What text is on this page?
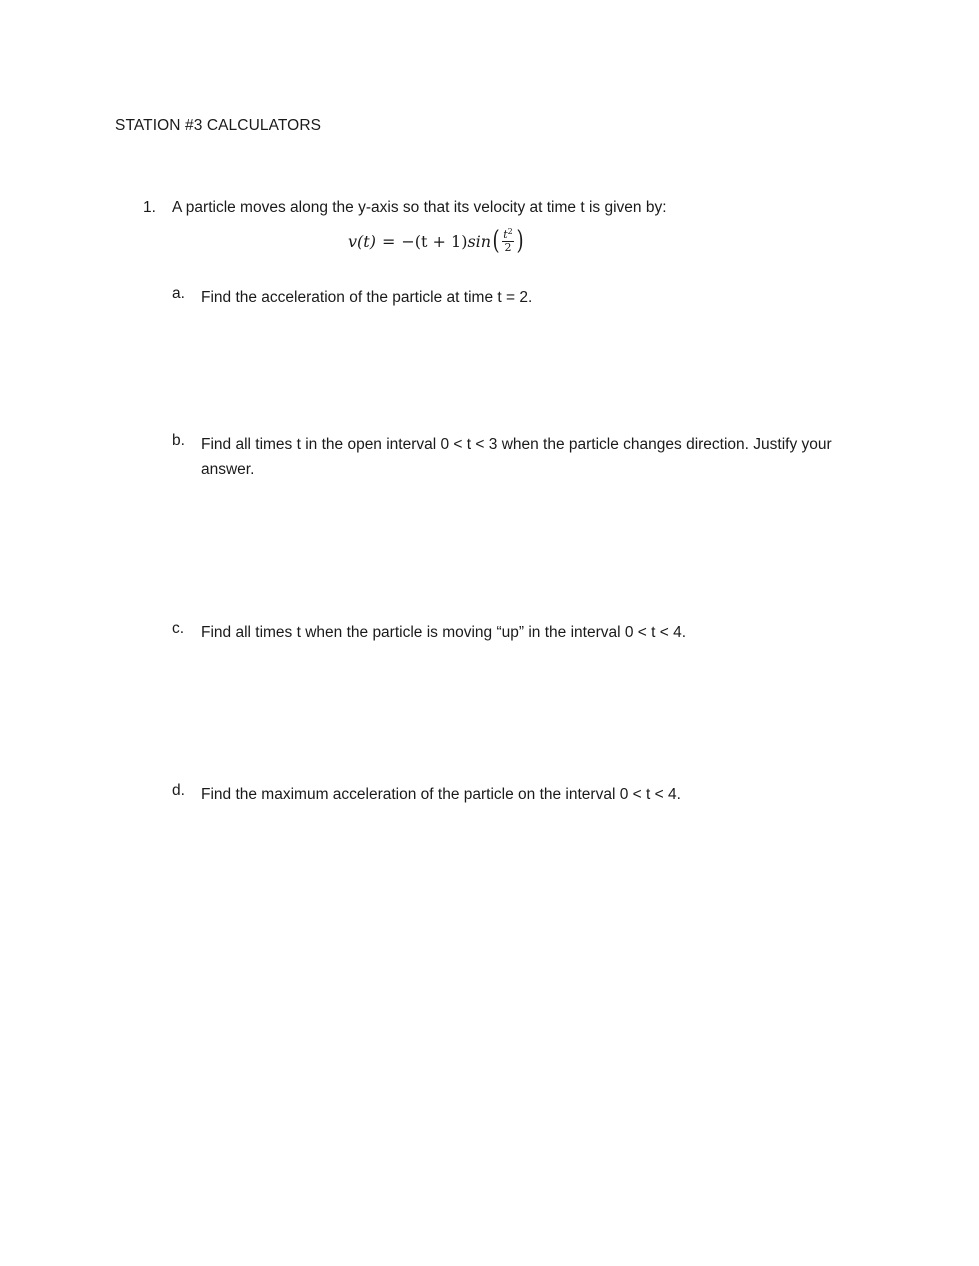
STATION #3 CALCULATORS
1. A particle moves along the y-axis so that its velocity at time t is given by:
v(t) = −(t + 1) sin ( $\frac{t^2}{2}$ )
a. Find the acceleration of the particle at time t = 2.
b. Find all times t in the open interval 0 < t < 3 when the particle changes direction. Justify your answer.
c. Find all times t when the particle is moving “up” in the interval 0 < t < 4.
d. Find the maximum acceleration of the particle on the interval 0 < t < 4.
